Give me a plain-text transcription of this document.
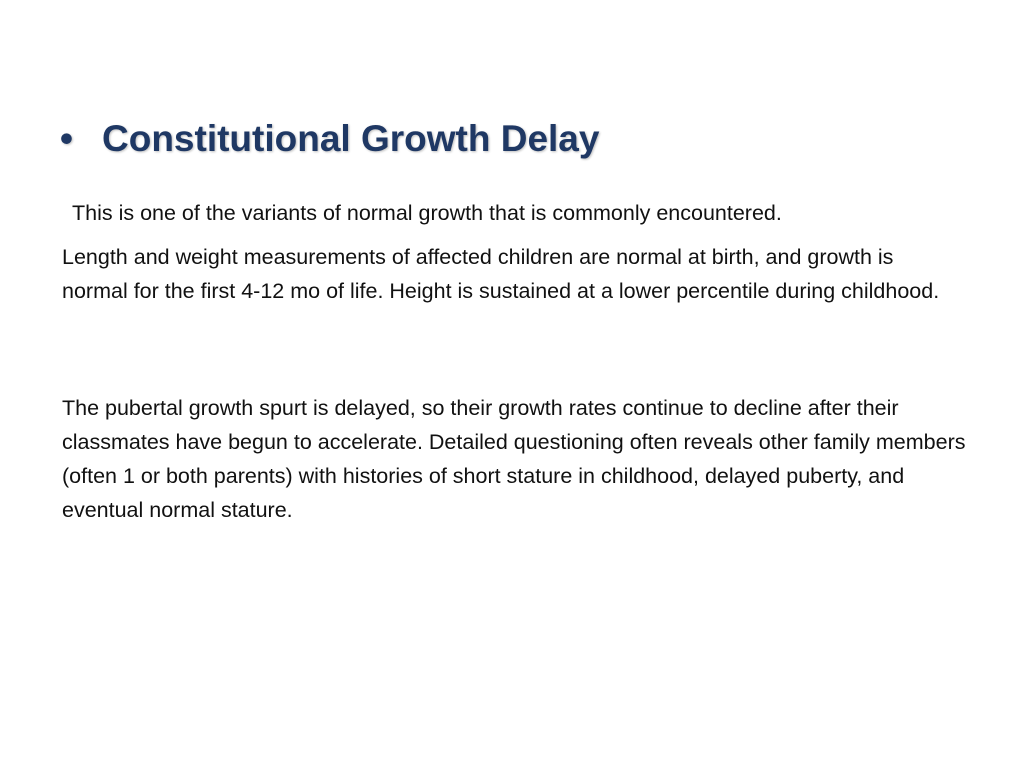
• Constitutional Growth Delay

This is one of the variants of normal growth that is commonly encountered.

Length and weight measurements of affected children are normal at birth, and growth is normal for the first 4-12 mo of life. Height is sustained at a lower percentile during childhood.

The pubertal growth spurt is delayed, so their growth rates continue to decline after their classmates have begun to accelerate. Detailed questioning often reveals other family members (often 1 or both parents) with histories of short stature in childhood, delayed puberty, and eventual normal stature.
